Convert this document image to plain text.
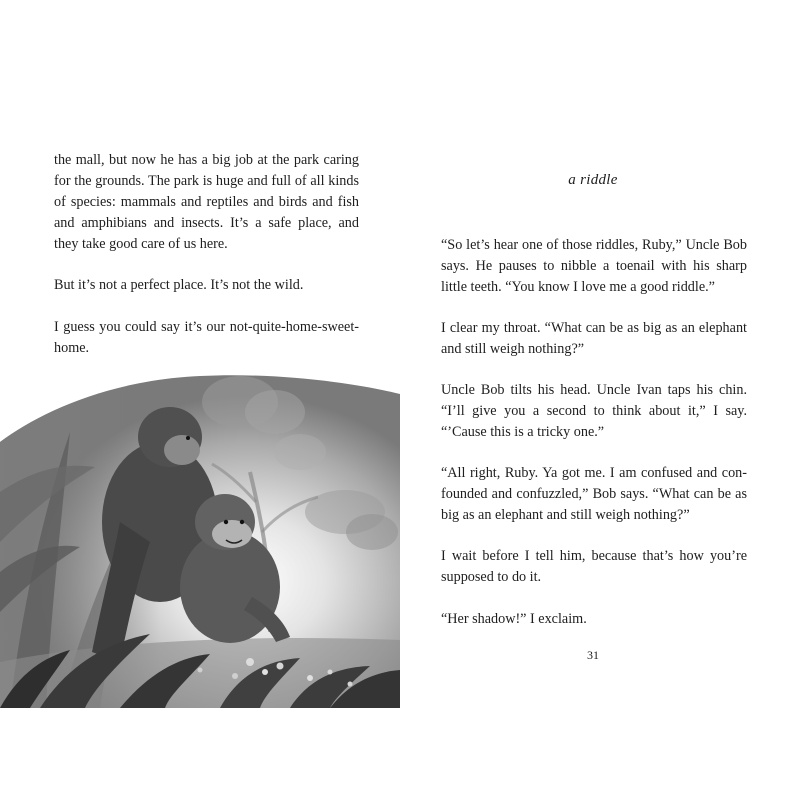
the mall, but now he has a big job at the park caring for the grounds. The park is huge and full of all kinds of species: mammals and reptiles and birds and fish and amphibians and insects. It’s a safe place, and they take good care of us here.

But it’s not a perfect place. It’s not the wild.

I guess you could say it’s our not-quite-home-sweet-home.

a riddle

“So let’s hear one of those riddles, Ruby,” Uncle Bob says. He pauses to nibble a toenail with his sharp little teeth. “You know I love me a good riddle.”

I clear my throat. “What can be as big as an elephant and still weigh nothing?”

Uncle Bob tilts his head. Uncle Ivan taps his chin. “I’ll give you a second to think about it,” I say. “’Cause this is a tricky one.”

“All right, Ruby. Ya got me. I am confused and confounded and confuzzled,” Bob says. “What can be as big as an elephant and still weigh nothing?”

I wait before I tell him, because that’s how you’re supposed to do it.

“Her shadow!” I exclaim.

31
